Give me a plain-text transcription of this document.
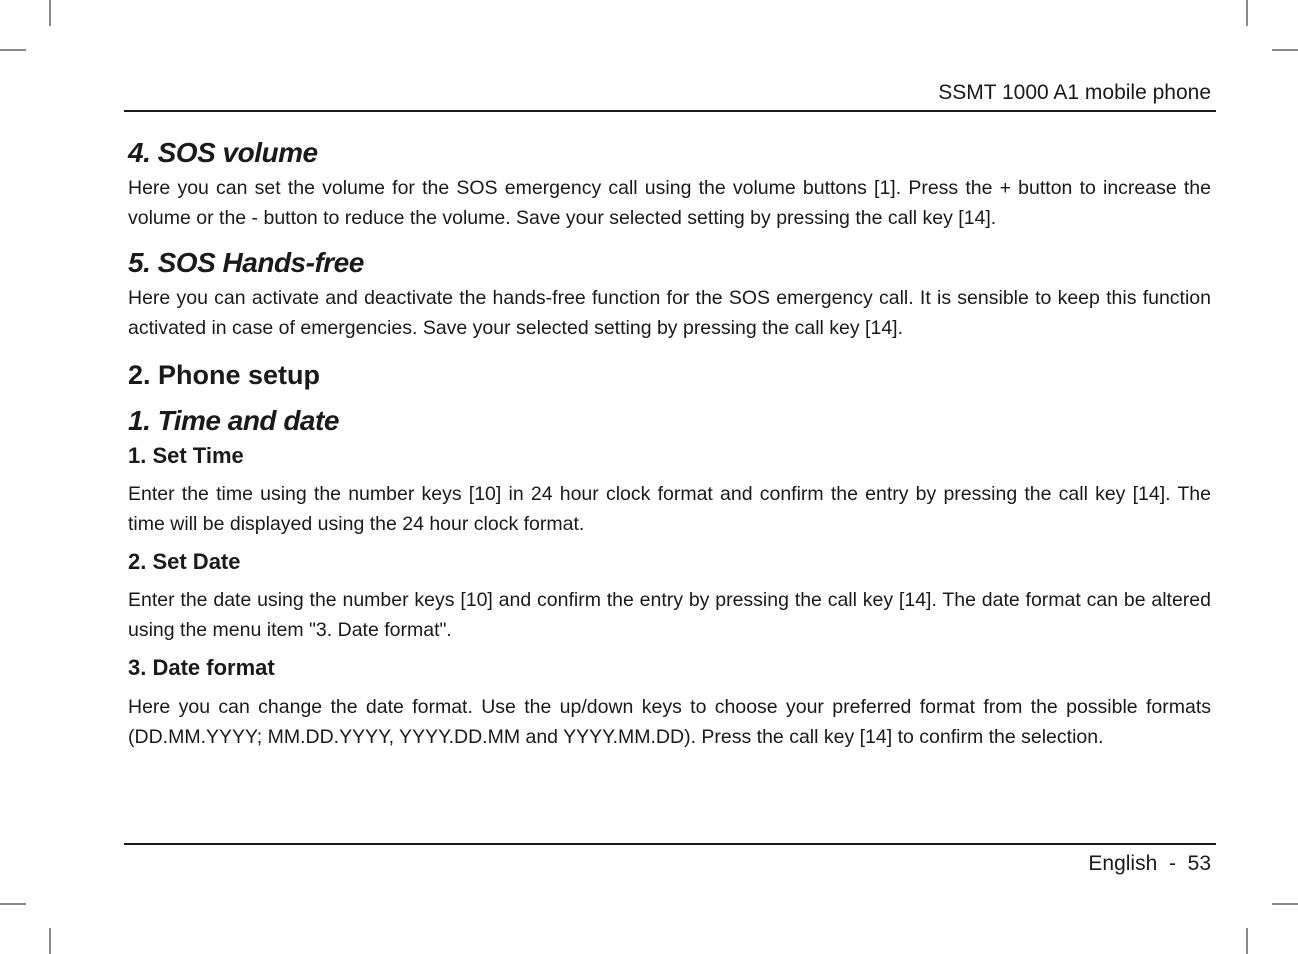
SSMT 1000 A1 mobile phone
4. SOS volume

Here you can set the volume for the SOS emergency call using the volume buttons [1]. Press the + button to increase the volume or the - button to reduce the volume. Save your selected setting by pressing the call key [14].

5. SOS Hands-free

Here you can activate and deactivate the hands-free function for the SOS emergency call. It is sensible to keep this function activated in case of emergencies. Save your selected setting by pressing the call key [14].

2. Phone setup
1. Time and date
1. Set Time

Enter the time using the number keys [10] in 24 hour clock format and confirm the entry by pressing the call key [14]. The time will be displayed using the 24 hour clock format.

2. Set Date

Enter the date using the number keys [10] and confirm the entry by pressing the call key [14]. The date format can be altered using the menu item "3. Date format".

3. Date format

Here you can change the date format. Use the up/down keys to choose your preferred format from the possible formats (DD.MM.YYYY; MM.DD.YYYY, YYYY.DD.MM and YYYY.MM.DD). Press the call key [14] to confirm the selection.

English - 53
